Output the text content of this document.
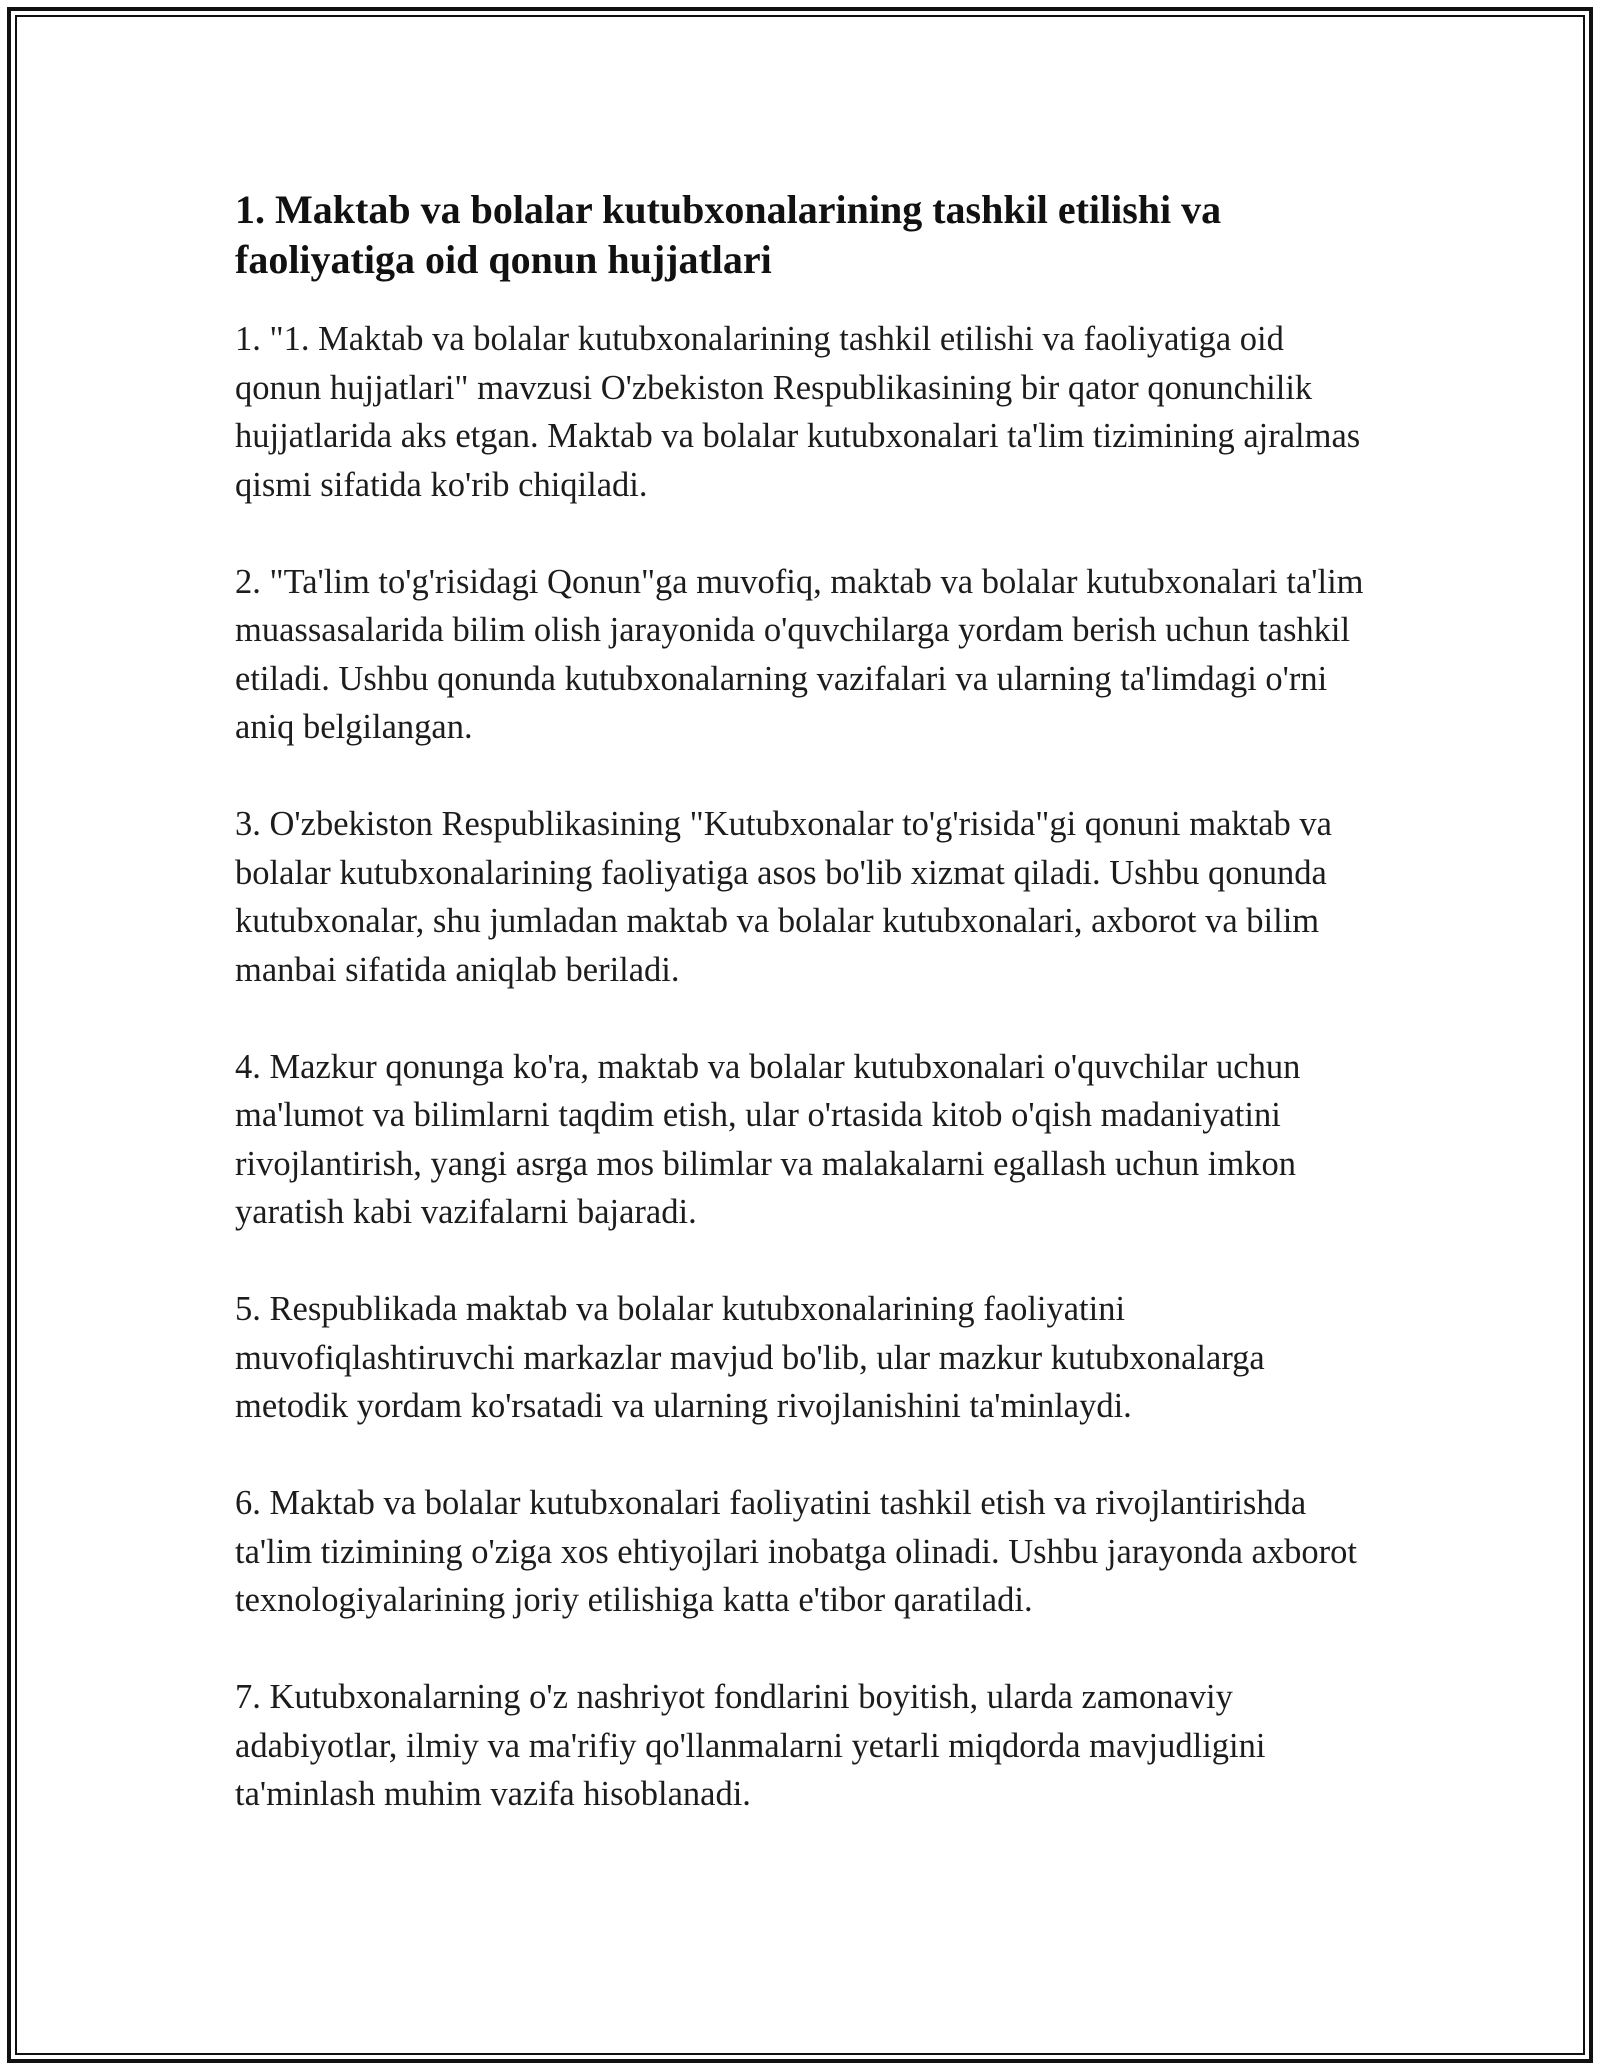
1. Maktab va bolalar kutubxonalarining tashkil etilishi va faoliyatiga oid qonun hujjatlari

1. "1. Maktab va bolalar kutubxonalarining tashkil etilishi va faoliyatiga oid qonun hujjatlari" mavzusi O'zbekiston Respublikasining bir qator qonunchilik hujjatlarida aks etgan. Maktab va bolalar kutubxonalari ta'lim tizimining ajralmas qismi sifatida ko'rib chiqiladi.

2. "Ta'lim to'g'risidagi Qonun"ga muvofiq, maktab va bolalar kutubxonalari ta'lim muassasalarida bilim olish jarayonida o'quvchilarga yordam berish uchun tashkil etiladi. Ushbu qonunda kutubxonalarning vazifalari va ularning ta'limdagi o'rni aniq belgilangan.

3. O'zbekiston Respublikasining "Kutubxonalar to'g'risida"gi qonuni maktab va bolalar kutubxonalarining faoliyatiga asos bo'lib xizmat qiladi. Ushbu qonunda kutubxonalar, shu jumladan maktab va bolalar kutubxonalari, axborot va bilim manbai sifatida aniqlab beriladi.

4. Mazkur qonunga ko'ra, maktab va bolalar kutubxonalari o'quvchilar uchun ma'lumot va bilimlarni taqdim etish, ular o'rtasida kitob o'qish madaniyatini rivojlantirish, yangi asrga mos bilimlar va malakalarni egallash uchun imkon yaratish kabi vazifalarni bajaradi.

5. Respublikada maktab va bolalar kutubxonalarining faoliyatini muvofiqlashtiruvchi markazlar mavjud bo'lib, ular mazkur kutubxonalarga metodik yordam ko'rsatadi va ularning rivojlanishini ta'minlaydi.

6. Maktab va bolalar kutubxonalari faoliyatini tashkil etish va rivojlantirishda ta'lim tizimining o'ziga xos ehtiyojlari inobatga olinadi. Ushbu jarayonda axborot texnologiyalarining joriy etilishiga katta e'tibor qaratiladi.

7. Kutubxonalarning o'z nashriyot fondlarini boyitish, ularda zamonaviy adabiyotlar, ilmiy va ma'rifiy qo'llanmalarni yetarli miqdorda mavjudligini ta'minlash muhim vazifa hisoblanadi.
